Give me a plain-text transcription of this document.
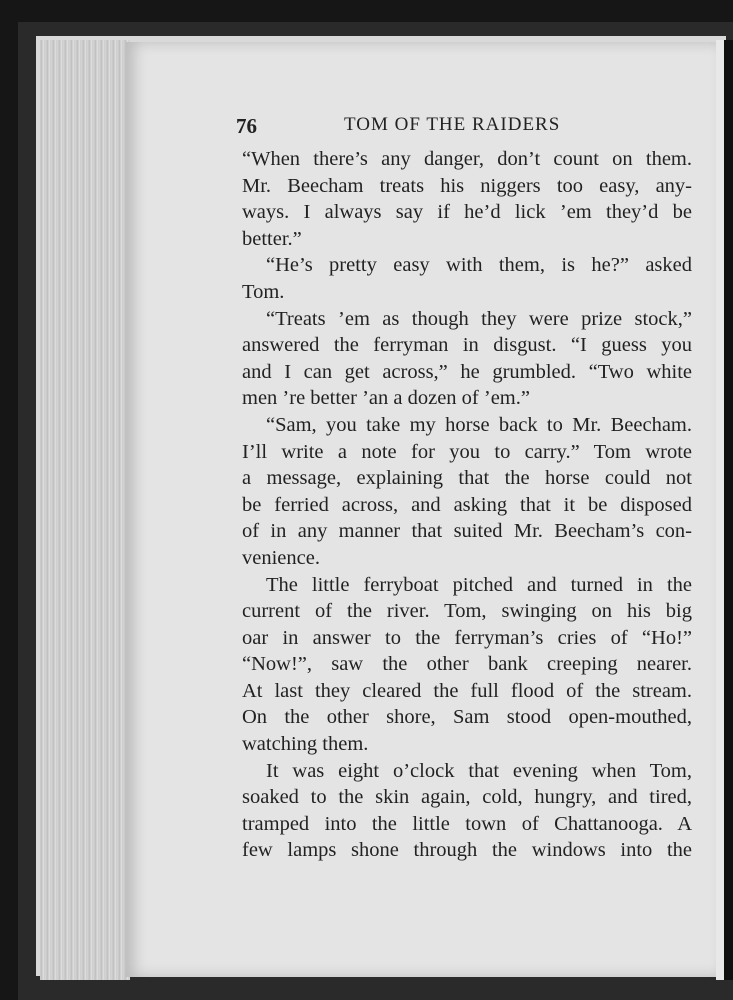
76	TOM OF THE RAIDERS
“When there’s any danger, don’t count on them.
Mr. Beecham treats his niggers too easy, any-
ways. I always say if he’d lick ’em they’d be
better.”
“He’s pretty easy with them, is he?” asked
Tom.
“Treats ’em as though they were prize stock,”
answered the ferryman in disgust. “I guess you
and I can get across,” he grumbled. “Two white
men ’re better ’an a dozen of ’em.”
“Sam, you take my horse back to Mr. Beecham.
I’ll write a note for you to carry.” Tom wrote
a message, explaining that the horse could not
be ferried across, and asking that it be disposed
of in any manner that suited Mr. Beecham’s con-
venience.
The little ferryboat pitched and turned in the
current of the river. Tom, swinging on his big
oar in answer to the ferryman’s cries of “Ho!”
“Now!”, saw the other bank creeping nearer.
At last they cleared the full flood of the stream.
On the other shore, Sam stood open-mouthed,
watching them.
It was eight o’clock that evening when Tom,
soaked to the skin again, cold, hungry, and tired,
tramped into the little town of Chattanooga. A
few lamps shone through the windows into the
